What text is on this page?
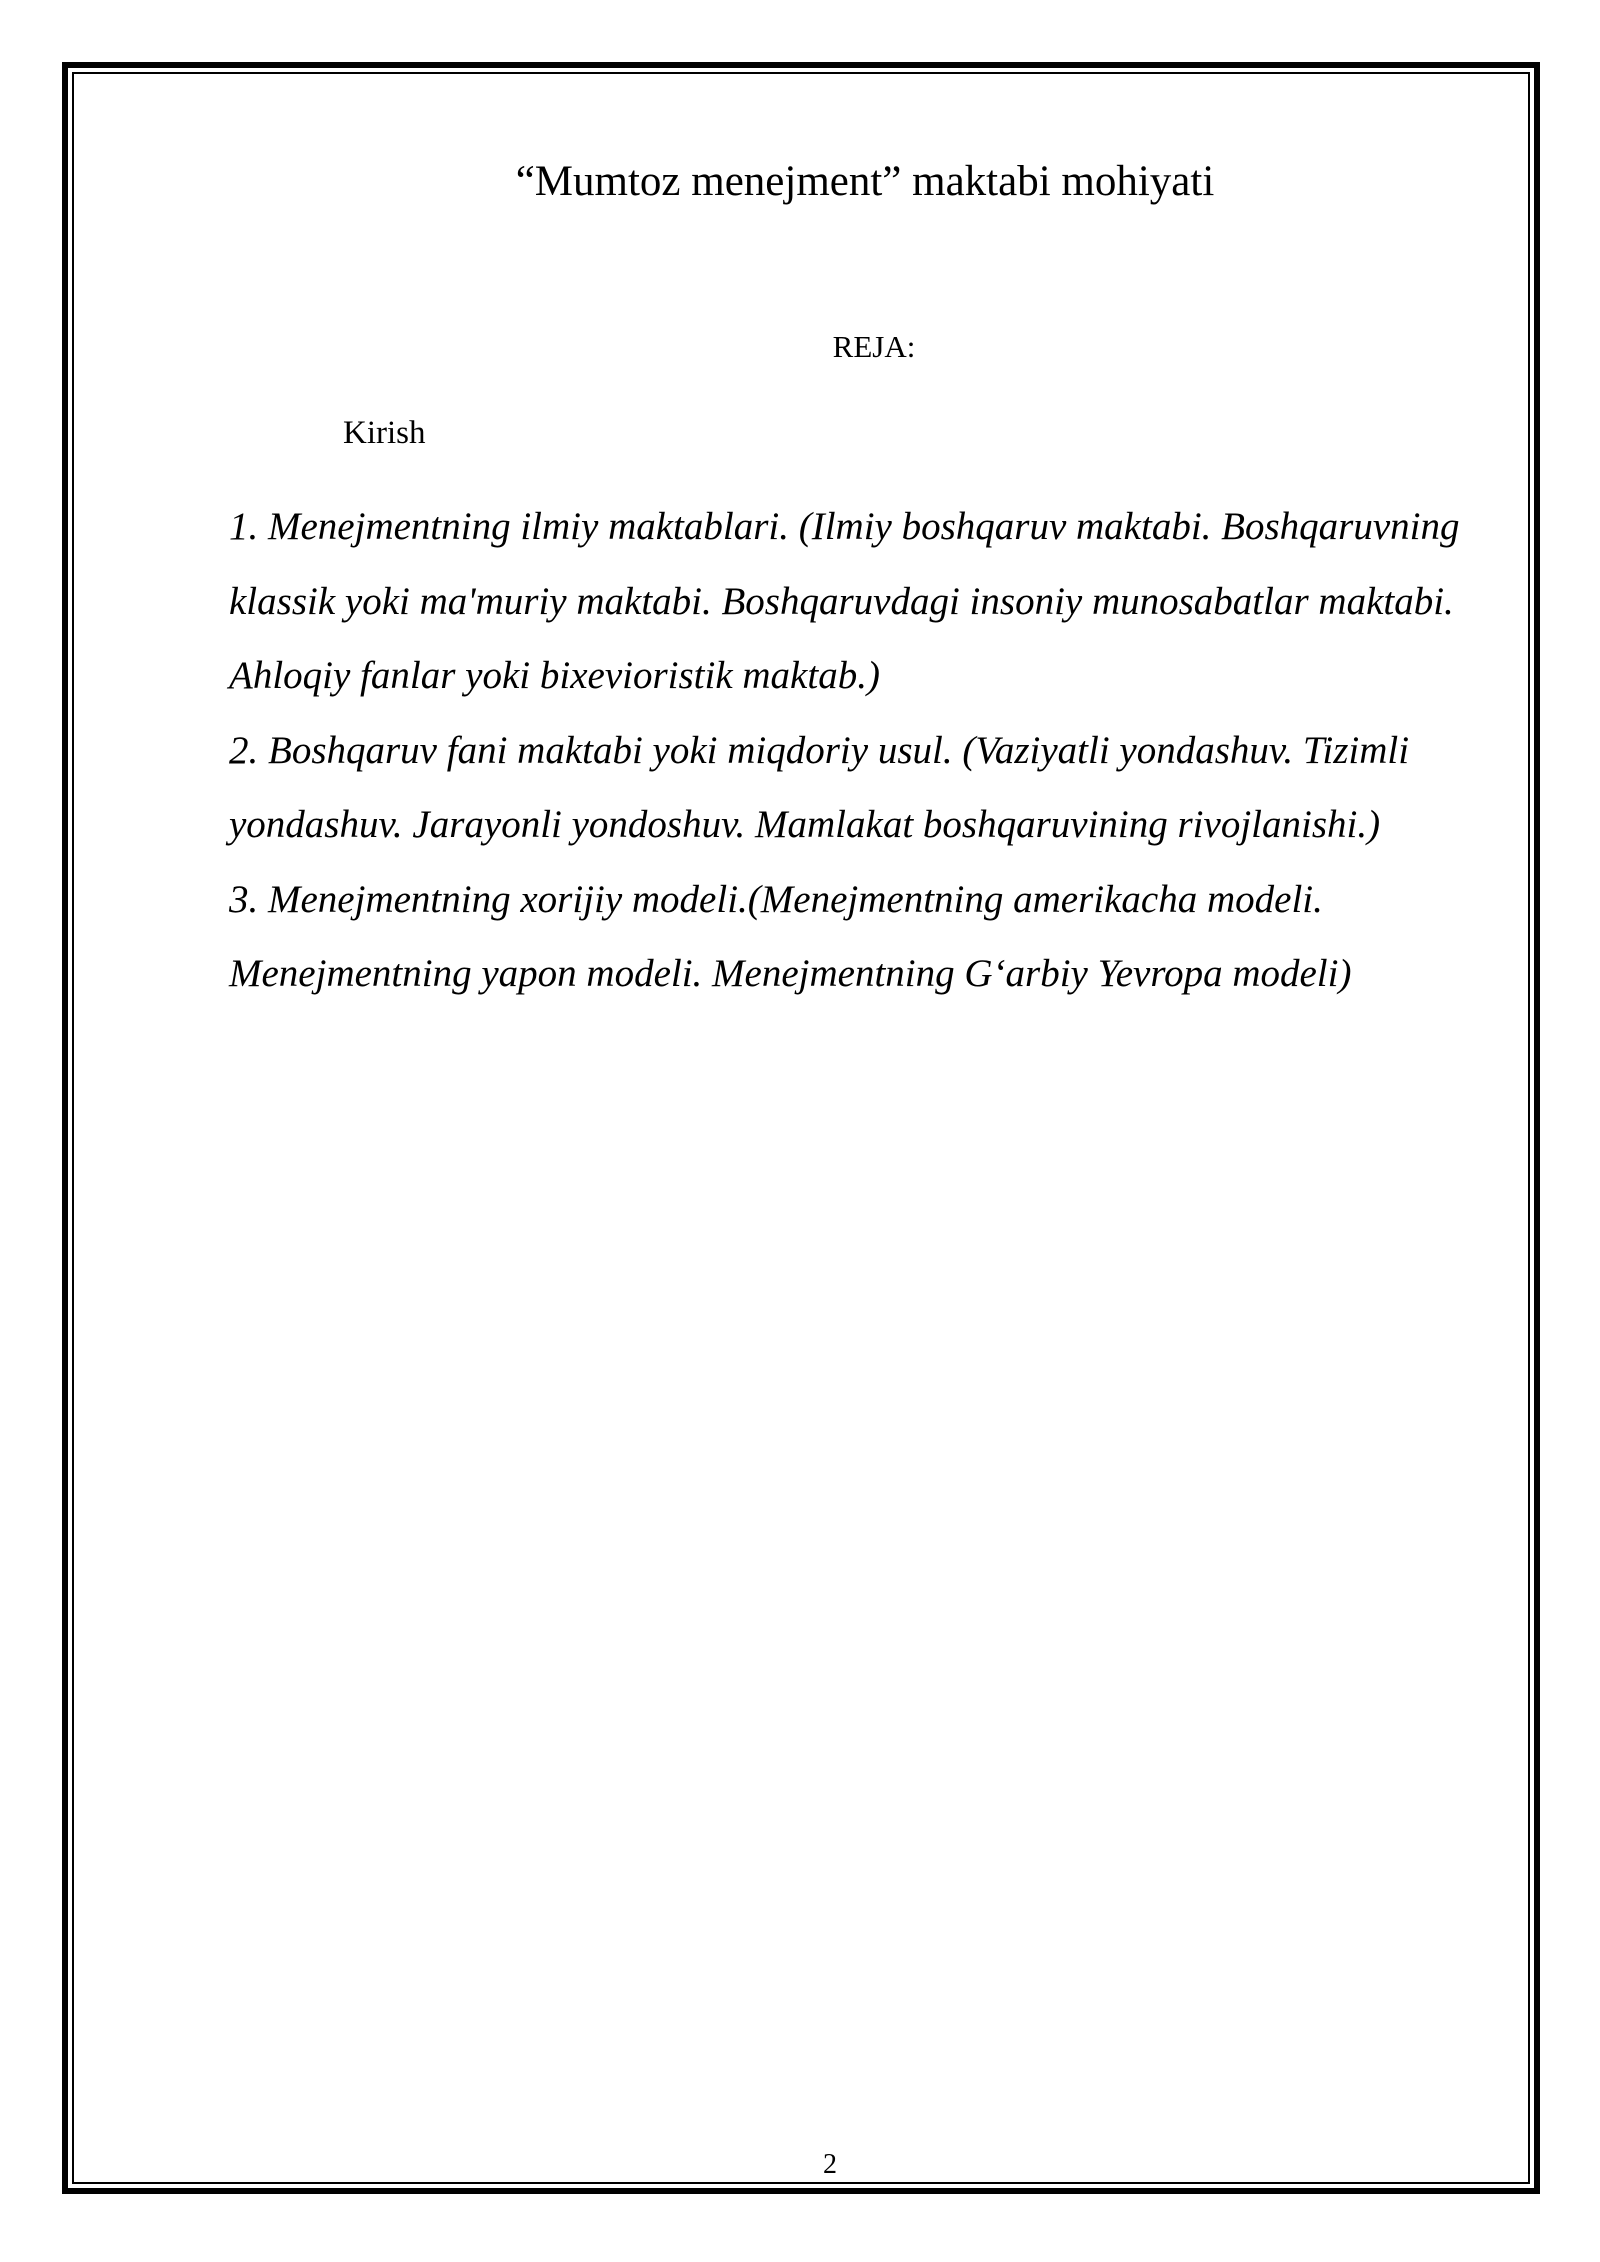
“Mumtoz menejment” maktabi mohiyati
REJA:
Kirish

1. Menejmentning ilmiy maktablari. (Ilmiy boshqaruv maktabi. Boshqaruvning klassik yoki ma'muriy maktabi. Boshqaruvdagi insoniy munosabatlar maktabi. Ahloqiy fanlar yoki bixevioristik maktab.)

2. Boshqaruv fani maktabi yoki miqdoriy usul. (Vaziyatli yondashuv. Tizimli yondashuv. Jarayonli yondoshuv. Mamlakat boshqaruvining rivojlanishi.)

3. Menejmentning xorijiy modeli.(Menejmentning amerikacha modeli. Menejmentning yapon modeli. Menejmentning G‘arbiy Yevropa modeli)

2
